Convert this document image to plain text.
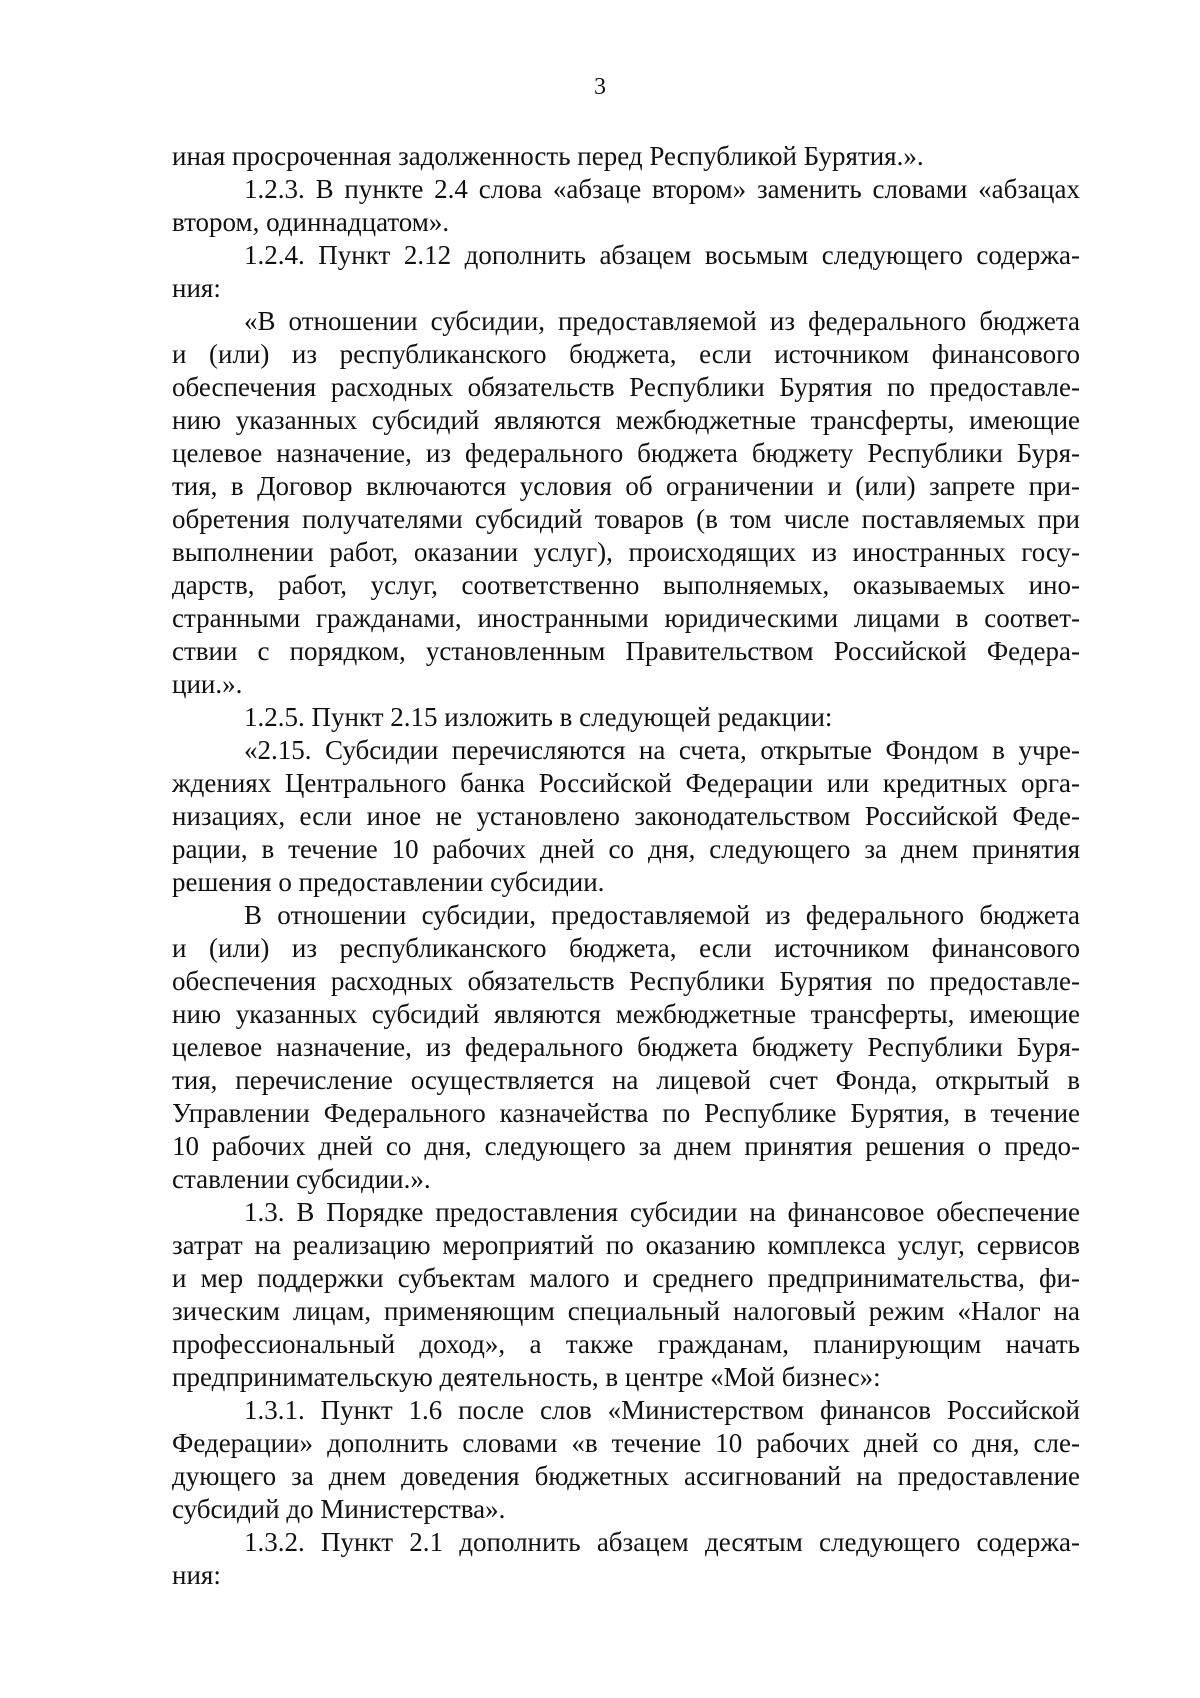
3
иная просроченная задолженность перед Республикой Бурятия.».
1.2.3. В пункте 2.4 слова «абзаце втором» заменить словами «абзацах
втором, одиннадцатом».
1.2.4. Пункт 2.12 дополнить абзацем восьмым следующего содержа-
ния:
«В отношении субсидии, предоставляемой из федерального бюджета
и (или) из республиканского бюджета, если источником финансового
обеспечения расходных обязательств Республики Бурятия по предоставле-
нию указанных субсидий являются межбюджетные трансферты, имеющие
целевое назначение, из федерального бюджета бюджету Республики Буря-
тия, в Договор включаются условия об ограничении и (или) запрете при-
обретения получателями субсидий товаров (в том числе поставляемых при
выполнении работ, оказании услуг), происходящих из иностранных госу-
дарств, работ, услуг, соответственно выполняемых, оказываемых ино-
странными гражданами, иностранными юридическими лицами в соответ-
ствии с порядком, установленным Правительством Российской Федера-
ции.».
1.2.5. Пункт 2.15 изложить в следующей редакции:
«2.15. Субсидии перечисляются на счета, открытые Фондом в учре-
ждениях Центрального банка Российской Федерации или кредитных орга-
низациях, если иное не установлено законодательством Российской Феде-
рации, в течение 10 рабочих дней со дня, следующего за днем принятия
решения о предоставлении субсидии.
В отношении субсидии, предоставляемой из федерального бюджета
и (или) из республиканского бюджета, если источником финансового
обеспечения расходных обязательств Республики Бурятия по предоставле-
нию указанных субсидий являются межбюджетные трансферты, имеющие
целевое назначение, из федерального бюджета бюджету Республики Буря-
тия, перечисление осуществляется на лицевой счет Фонда, открытый в
Управлении Федерального казначейства по Республике Бурятия, в течение
10 рабочих дней со дня, следующего за днем принятия решения о предо-
ставлении субсидии.».
1.3. В Порядке предоставления субсидии на финансовое обеспечение
затрат на реализацию мероприятий по оказанию комплекса услуг, сервисов
и мер поддержки субъектам малого и среднего предпринимательства, фи-
зическим лицам, применяющим специальный налоговый режим «Налог на
профессиональный доход», а также гражданам, планирующим начать
предпринимательскую деятельность, в центре «Мой бизнес»:
1.3.1. Пункт 1.6 после слов «Министерством финансов Российской
Федерации» дополнить словами «в течение 10 рабочих дней со дня, сле-
дующего за днем доведения бюджетных ассигнований на предоставление
субсидий до Министерства».
1.3.2. Пункт 2.1 дополнить абзацем десятым следующего содержа-
ния:
